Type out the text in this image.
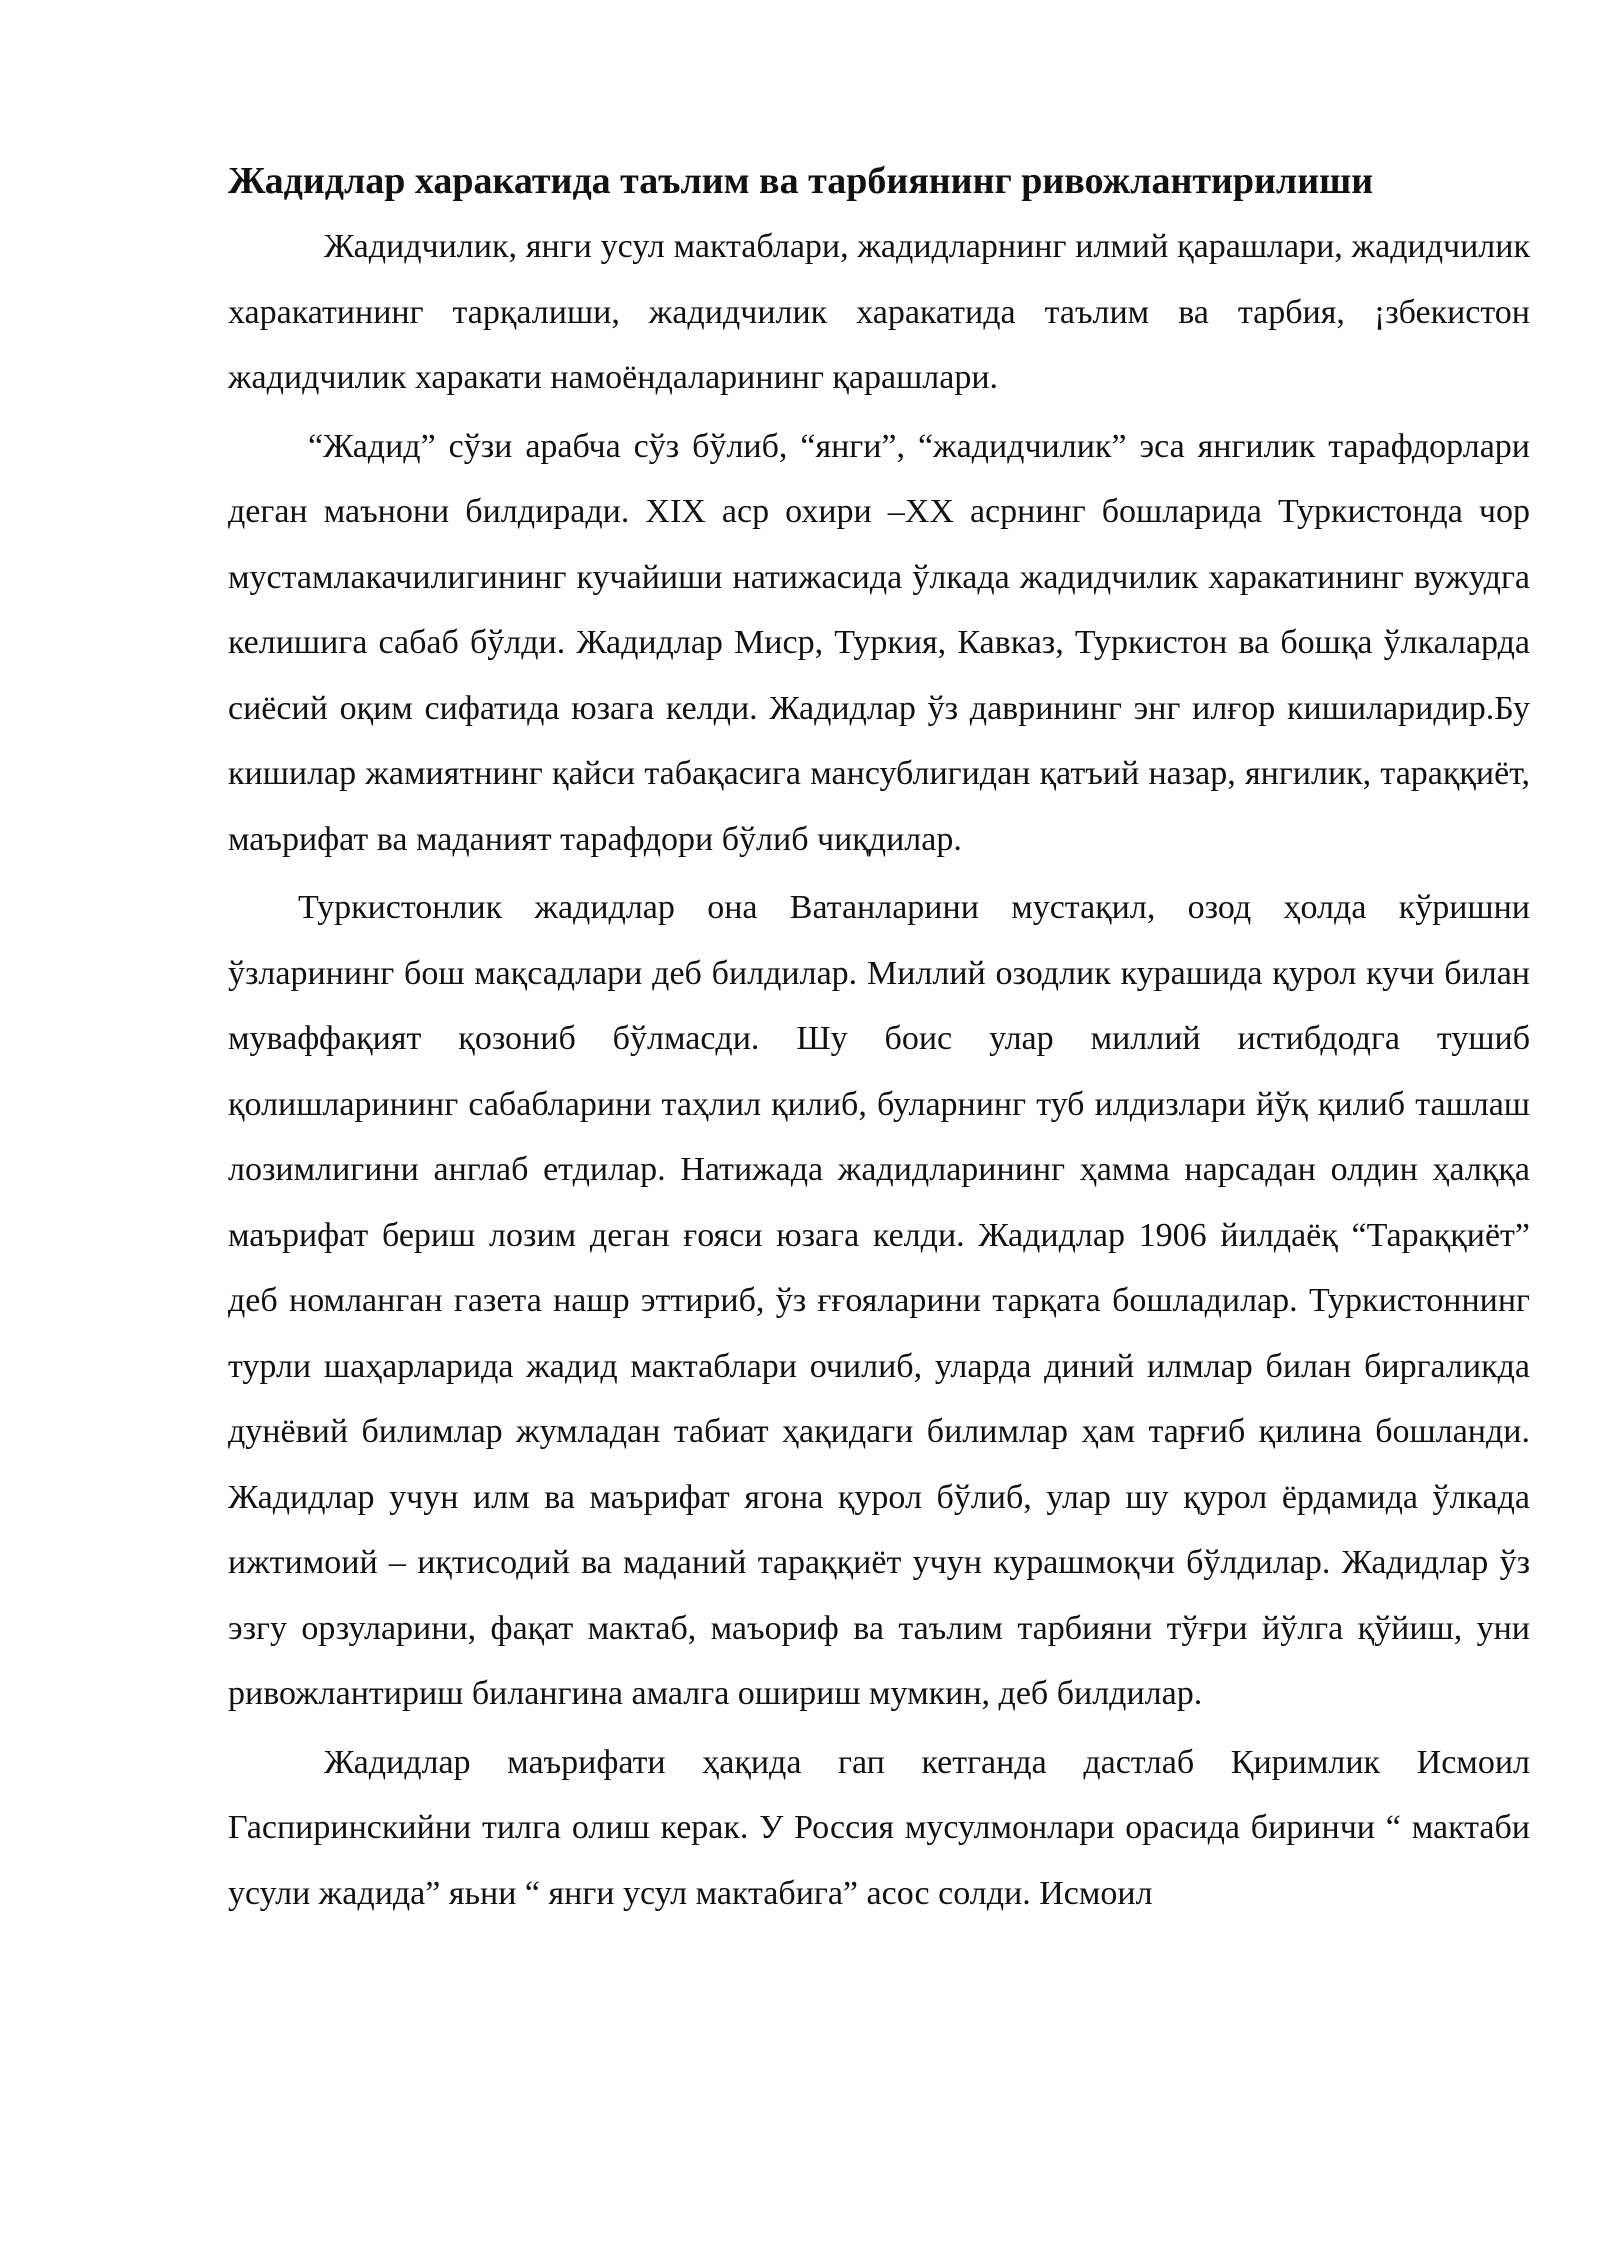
Жадидлар харакатида таълим ва тарбиянинг ривожлантирилиши

Жадидчилик, янги усул мактаблари, жадидларнинг илмий қарашлари, жадидчилик харакатининг тарқалиши, жадидчилик харакатида таълим ва тарбия, ¡збекистон жадидчилик харакати намоёндаларининг қарашлари.

“Жадид” сўзи арабча сўз бўлиб, “янги”, “жадидчилик” эса янгилик тарафдорлари деган маънони билдиради. XIX аср охири –XX асрнинг бошларида Туркистонда чор мустамлакачилигининг кучайиши натижасида ўлкада жадидчилик харакатининг вужудга келишига сабаб бўлди. Жадидлар Миср, Туркия, Кавказ, Туркистон ва бошқа ўлкаларда сиёсий оқим сифатида юзага келди. Жадидлар ўз даврининг энг илғор кишиларидир.Бу кишилар жамиятнинг қайси табақасига мансублигидан қатъий назар, янгилик, тараққиёт, маърифат ва маданият тарафдори бўлиб чиқдилар.

Туркистонлик жадидлар она Ватанларини мустақил, озод ҳолда кўришни ўзларининг бош мақсадлари деб билдилар. Миллий озодлик курашида қурол кучи билан муваффақият қозониб бўлмасди. Шу боис улар миллий истибдодга тушиб қолишларининг сабабларини таҳлил қилиб, буларнинг туб илдизлари йўқ қилиб ташлаш лозимлигини англаб етдилар. Натижада жадидларининг ҳамма нарсадан олдин ҳалққа маърифат бериш лозим деган ғояси юзага келди. Жадидлар 1906 йилдаёқ “Тараққиёт” деб номланган газета нашр эттириб, ўз ғғояларини тарқата бошладилар. Туркистоннинг турли шаҳарларида жадид мактаблари очилиб, уларда диний илмлар билан биргаликда дунёвий билимлар жумладан табиат ҳақидаги билимлар ҳам тарғиб қилина бошланди. Жадидлар учун илм ва маърифат ягона қурол бўлиб, улар шу қурол ёрдамида ўлкада ижтимоий – иқтисодий ва маданий тараққиёт учун курашмоқчи бўлдилар. Жадидлар ўз эзгу орзуларини, фақат мактаб, маъориф ва таълим тарбияни тўғри йўлга қўйиш, уни ривожлантириш билангина амалга ошириш мумкин, деб билдилар.

Жадидлар маърифати ҳақида гап кетганда дастлаб Қиримлик Исмоил Гаспиринскийни тилга олиш керак. У Россия мусулмонлари орасида биринчи “ мактаби усули жадида” яьни “ янги усул мактабига” асос солди. Исмоил
